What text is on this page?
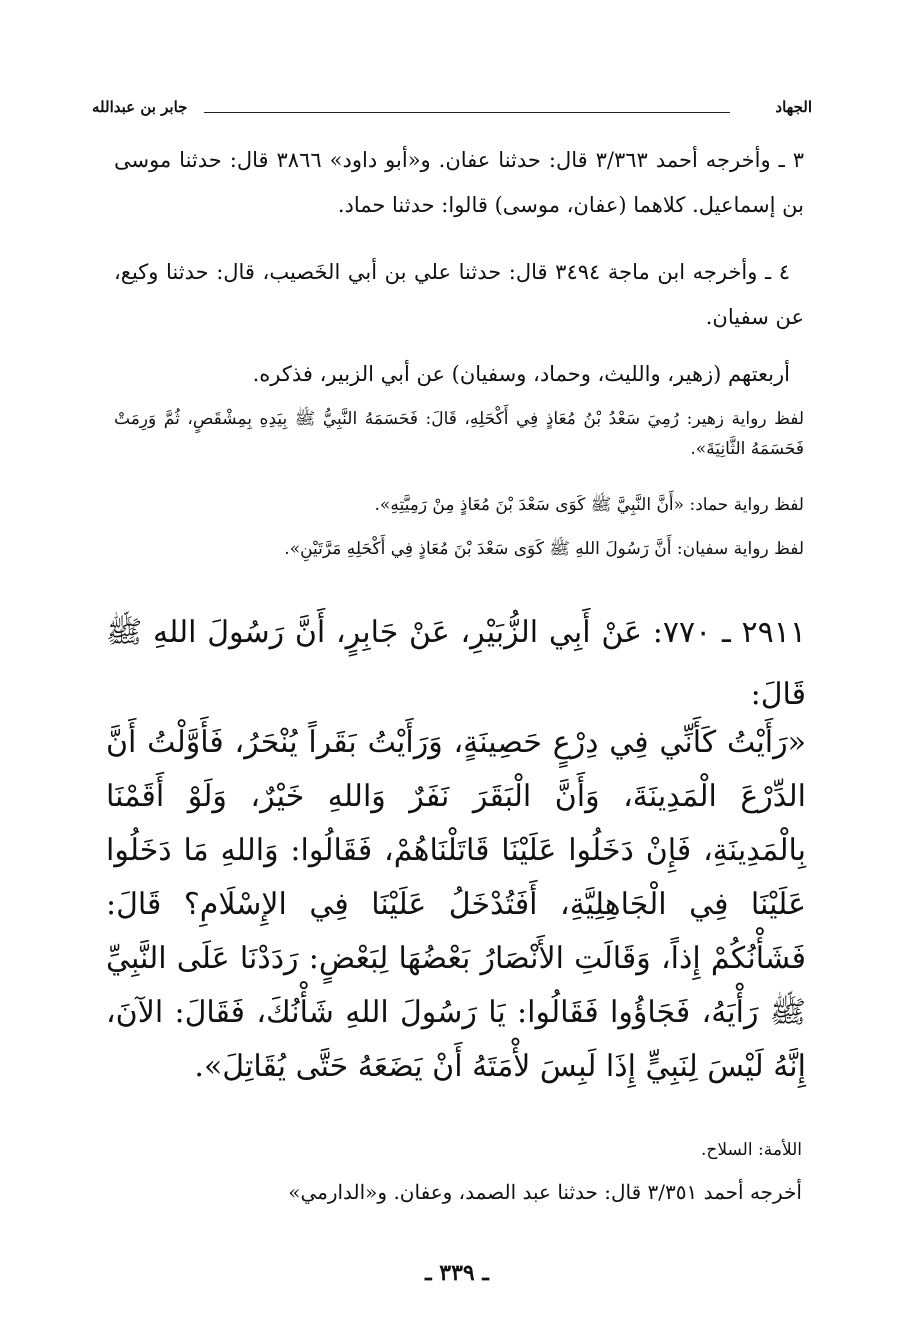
الجهاد
جابر بن عبدالله

٣ ـ وأخرجه أحمد ٣/٣٦٣ قال: حدثنا عفان. و«أبو داود» ٣٨٦٦ قال: حدثنا موسى بن إسماعيل. كلاهما (عفان، موسى) قالوا: حدثنا حماد.

٤ ـ وأخرجه ابن ماجة ٣٤٩٤ قال: حدثنا علي بن أبي الخَصيب، قال: حدثنا وكيع، عن سفيان.

أربعتهم (زهير، والليث، وحماد، وسفيان) عن أبي الزبير، فذكره.

لفظ رواية زهير: رُمِيَ سَعْدُ بْنُ مُعَاذٍ فِي أَكْحَلِهِ، قَالَ: فَحَسَمَهُ النَّبِيُّ ﷺ بِيَدِهِ بِمِشْقَصٍ، ثُمَّ وَرِمَتْ فَحَسَمَهُ الثَّانِيَةَ».

لفظ رواية حماد: «أَنَّ النَّبِيَّ ﷺ كَوَى سَعْدَ بْنَ مُعَاذٍ مِنْ رَمِيَّتِهِ».

لفظ رواية سفيان: أَنَّ رَسُولَ اللهِ ﷺ كَوَى سَعْدَ بْنَ مُعَاذٍ فِي أَكْحَلِهِ مَرَّتَيْنِ».

٢٩١١ ـ ٧٧٠: عَنْ أَبِي الزُّبَيْرِ، عَنْ جَابِرٍ، أَنَّ رَسُولَ اللهِ ﷺ قَالَ:

«رَأَيْتُ كَأَنِّي فِي دِرْعٍ حَصِينَةٍ، وَرَأَيْتُ بَقَراً يُنْحَرُ، فَأَوَّلْتُ أَنَّ الدِّرْعَ الْمَدِينَةَ، وَأَنَّ الْبَقَرَ نَفَرٌ وَاللهِ خَيْرٌ، وَلَوْ أَقَمْنَا بِالْمَدِينَةِ، فَإِنْ دَخَلُوا عَلَيْنَا قَاتَلْنَاهُمْ، فَقَالُوا: وَاللهِ مَا دَخَلُوا عَلَيْنَا فِي الْجَاهِلِيَّةِ، أَفَتُدْخَلُ عَلَيْنَا فِي الإِسْلَامِ؟ قَالَ: فَشَأْنُكُمْ إِذاً، وَقَالَتِ الأَنْصَارُ بَعْضُهَا لِبَعْضٍ: رَدَدْنَا عَلَى النَّبِيِّ ﷺ رَأْيَهُ، فَجَاؤُوا فَقَالُوا: يَا رَسُولَ اللهِ شَأْنُكَ، فَقَالَ: الآنَ، إِنَّهُ لَيْسَ لِنَبِيٍّ إِذَا لَبِسَ لأْمَتَهُ أَنْ يَضَعَهُ حَتَّى يُقَاتِلَ».

اللأمة: السلاح.

أخرجه أحمد ٣/٣٥١ قال: حدثنا عبد الصمد، وعفان. و«الدارمي»

ـ ٣٣٩ ـ
